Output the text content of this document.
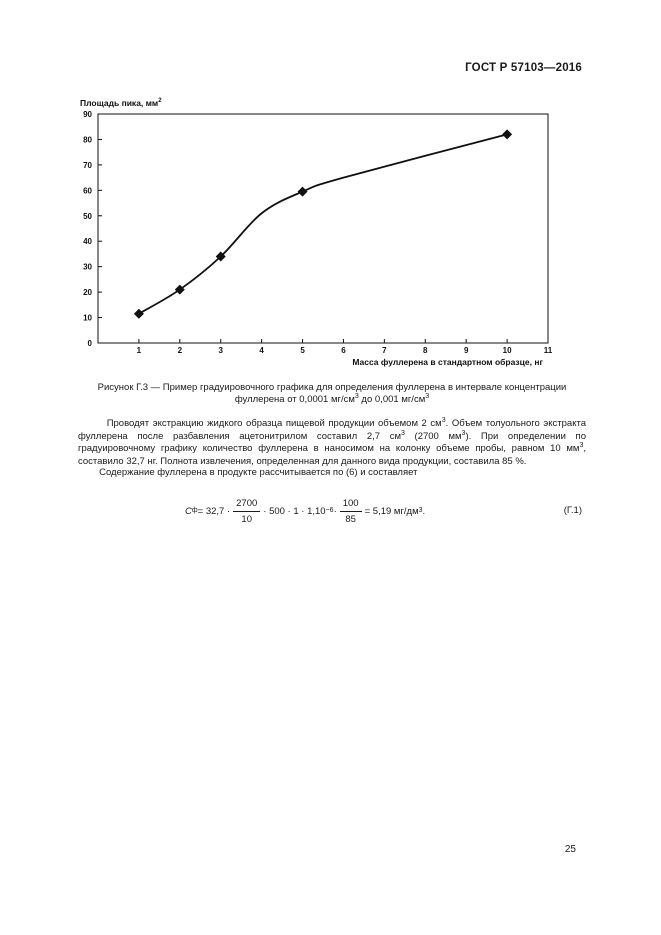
ГОСТ Р 57103—2016
10
20
30
40
50
60
70
80
90
1	2	3	4	5	6	7	8	9	10	11
0
Площадь пика, $мм^2$
Масса фуллерена в стандартном образце, нг
Рисунок Г.3 — Пример градуировочного графика для определения фуллерена в интервале концентрации
фуллерена от 0,0001 $мг/см^3$ до 0,001 $мг/см^3$

Проводят экстракцию жидкого образца пищевой продукции объемом 2 $см^3$. Объем толуольного экстракта фуллерена после разбавления ацетонитрилом составил 2,7 $см^3$ (2700 $мм^3$). При определении по градуировочному графику количество фуллерена в наносимом на колонку объеме пробы, равном 10 $мм^3$, составило 32,7 нг. Полнота извлечения, определенная для данного вида продукции, составила 85 %.

Содержание фуллерена в продукте рассчитывается по (6) и составляет

C $ф = 32,7 \cdot \frac{2700}{10} \cdot 500 \cdot 1 \cdot 1,10 -6 \cdot \frac{100}{85} = 5,19$ мг/дм 3 .	(Г.1)
25
